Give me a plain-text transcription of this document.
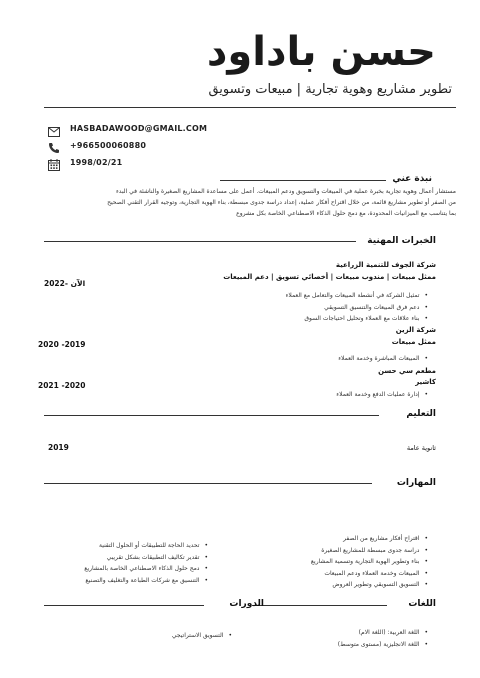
حسن باداود
تطوير مشاريع وهوية تجارية | مبيعات وتسويق
HASBADAWOOD@GMAIL.COM
+966500060880
1998/02/21
نبذة عني
مستشار أعمال وهوية تجارية بخبرة عملية في المبيعات والتسويق ودعم المبيعات. أعمل على مساعدة المشاريع الصغيرة والناشئة في البدء
من الصفر أو تطوير مشاريع قائمة، من خلال اقتراح أفكار عملية، إعداد دراسة جدوى مبسطة، بناء الهوية التجارية، وتوجيه القرار التقني الصحيح
بما يتناسب مع الميزانيات المحدودة، مع دمج حلول الذكاء الاصطناعي الخاصة بكل مشروع
الخبرات المهنية
شركة الجوف للتنمية الزراعية
ممثل مبيعات | مندوب مبيعات | أخصائي تسويق | دعم المبيعات
2022- الآن
• تمثيل الشركة في أنشطة المبيعات والتعامل مع العملاء
• دعم فرق المبيعات والتنسيق التسويقي
• بناء علاقات مع العملاء وتحليل احتياجات السوق
شركة الزين
ممثل مبيعات
2020 -2019
• المبيعات المباشرة وخدمة العملاء
مطعم سي حسن
كاشير
2021 -2020
• إدارة عمليات الدفع وخدمة العملاء
التعليم
ثانوية عامة
2019
المهارات
• اقتراح أفكار مشاريع من الصفر
• دراسة جدوى مبسطة للمشاريع الصغيرة
• بناء وتطوير الهوية التجارية وتسمية المشاريع
• المبيعات وخدمة العملاء ودعم المبيعات
• التسويق التسويقي وتطوير العروض
• تحديد الحاجة للتطبيقات أو الحلول التقنية
• تقدير تكاليف التطبيقات بشكل تقريبي
• دمج حلول الذكاء الاصطناعي الخاصة بالمشاريع
• التنسيق مع شركات الطباعة والتغليف والتصنيع
اللغات
• اللغة العربية: (اللغة الام)
• اللغة الانجليزية (مستوى متوسط)
الدورات
• التسويق الاستراتيجي
